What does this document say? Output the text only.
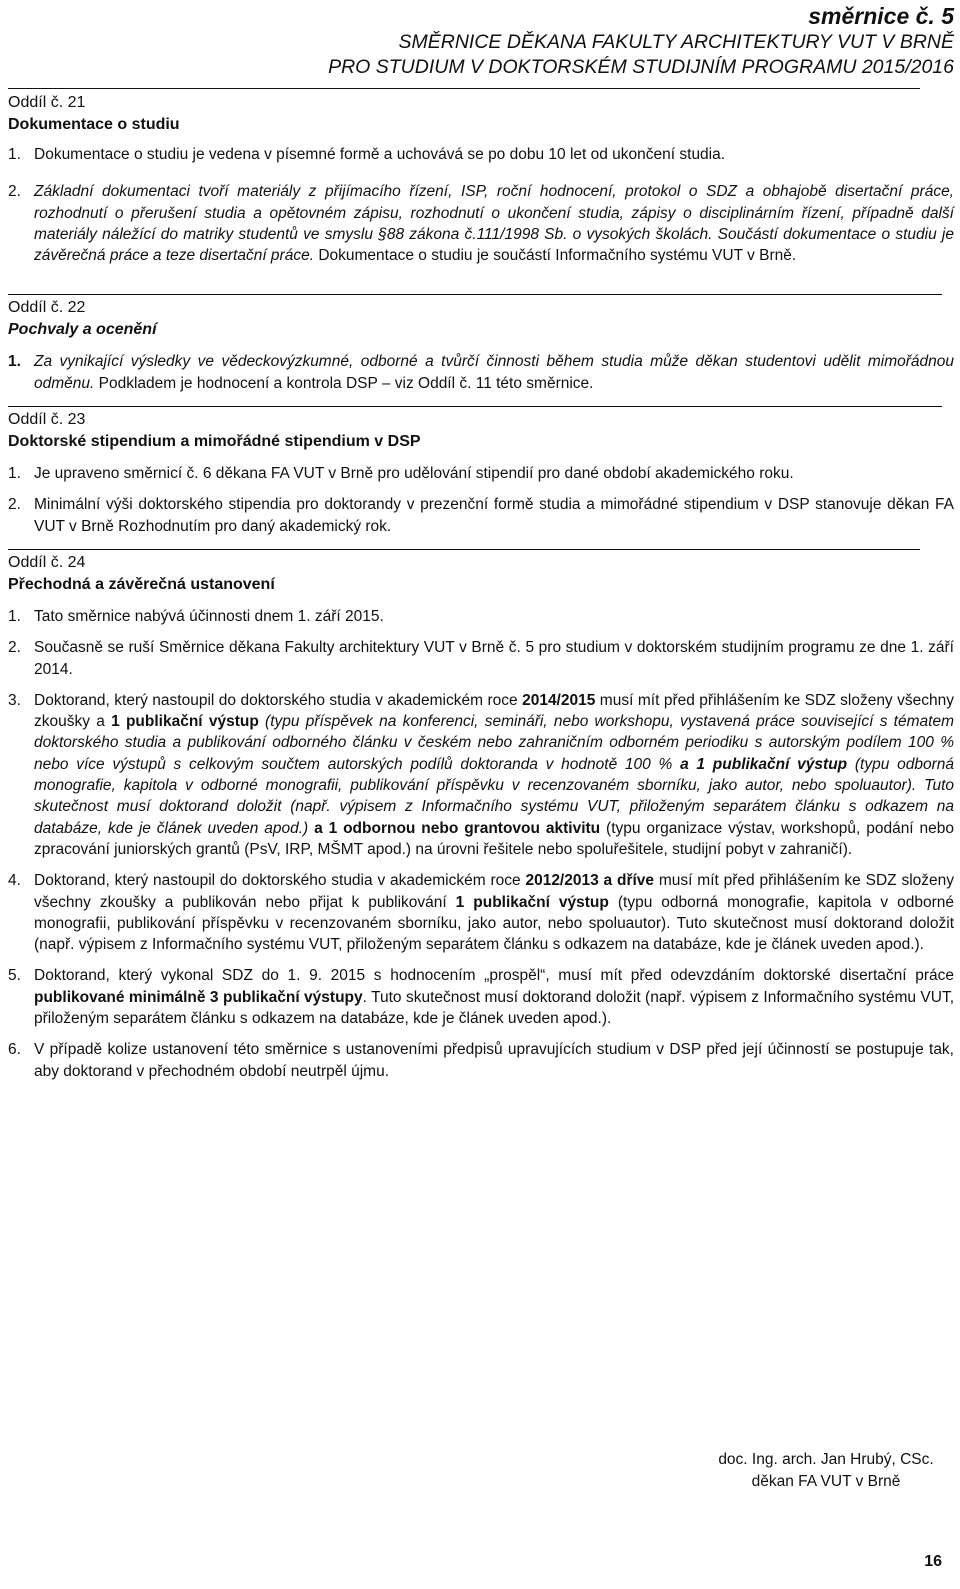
směrnice č. 5
SMĚRNICE DĚKANA FAKULTY ARCHITEKTURY VUT V BRNĚ
PRO STUDIUM V DOKTORSKÉM STUDIJNÍM PROGRAMU 2015/2016
Oddíl č. 21
Dokumentace o studiu
1. Dokumentace o studiu je vedena v písemné formě a uchovává se po dobu 10 let od ukončení studia.
2. Základní dokumentaci tvoří materiály z přijímacího řízení, ISP, roční hodnocení, protokol o SDZ a obhajobě disertační práce, rozhodnutí o přerušení studia a opětovném zápisu, rozhodnutí o ukončení studia, zápisy o disciplinárním řízení, případně další materiály náležící do matriky studentů ve smyslu §88 zákona č.111/1998 Sb. o vysokých školách. Součástí dokumentace o studiu je závěrečná práce a teze disertační práce. Dokumentace o studiu je součástí Informačního systému VUT v Brně.
Oddíl č. 22
Pochvaly a ocenění
1. Za vynikající výsledky ve vědeckovýzkumné, odborné a tvůrčí činnosti během studia může děkan studentovi udělit mimořádnou odměnu. Podkladem je hodnocení a kontrola DSP – viz Oddíl č. 11 této směrnice.
Oddíl č. 23
Doktorské stipendium a mimořádné stipendium v DSP
1. Je upraveno směrnicí č. 6 děkana FA VUT v Brně pro udělování stipendií pro dané období akademického roku.
2. Minimální výši doktorského stipendia pro doktorandy v prezenční formě studia a mimořádné stipendium v DSP stanovuje děkan FA VUT v Brně Rozhodnutím pro daný akademický rok.
Oddíl č. 24
Přechodná a závěrečná ustanovení
1. Tato směrnice nabývá účinnosti dnem 1. září 2015.
2. Současně se ruší Směrnice děkana Fakulty architektury VUT v Brně č. 5 pro studium v doktorském studijním programu ze dne 1. září 2014.
3. Doktorand, který nastoupil do doktorského studia v akademickém roce 2014/2015 musí mít před přihlášením ke SDZ složeny všechny zkoušky a 1 publikační výstup (typu příspěvek na konferenci, semináři, nebo workshopu, vystavená práce související s tématem doktorského studia a publikování odborného článku v českém nebo zahraničním odborném periodiku s autorským podílem 100 % nebo více výstupů s celkovým součtem autorských podílů doktoranda v hodnotě 100 % a 1 publikační výstup (typu odborná monografie, kapitola v odborné monografii, publikování příspěvku v recenzovaném sborníku, jako autor, nebo spoluautor). Tuto skutečnost musí doktorand doložit (např. výpisem z Informačního systému VUT, přiloženým separátem článku s odkazem na databáze, kde je článek uveden apod.) a 1 odbornou nebo grantovou aktivitu (typu organizace výstav, workshopů, podání nebo zpracování juniorských grantů (PsV, IRP, MŠMT apod.) na úrovni řešitele nebo spoluřešitele, studijní pobyt v zahraničí).
4. Doktorand, který nastoupil do doktorského studia v akademickém roce 2012/2013 a dříve musí mít před přihlášením ke SDZ složeny všechny zkoušky a publikován nebo přijat k publikování 1 publikační výstup (typu odborná monografie, kapitola v odborné monografii, publikování příspěvku v recenzovaném sborníku, jako autor, nebo spoluautor). Tuto skutečnost musí doktorand doložit (např. výpisem z Informačního systému VUT, přiloženým separátem článku s odkazem na databáze, kde je článek uveden apod.).
5. Doktorand, který vykonal SDZ do 1. 9. 2015 s hodnocením „prospěl“, musí mít před odevzdáním doktorské disertační práce publikované minimálně 3 publikační výstupy. Tuto skutečnost musí doktorand doložit (např. výpisem z Informačního systému VUT, přiloženým separátem článku s odkazem na databáze, kde je článek uveden apod.).
6. V případě kolize ustanovení této směrnice s ustanoveními předpisů upravujících studium v DSP před její účinností se postupuje tak, aby doktorand v přechodném období neutrpěl újmu.
doc. Ing. arch. Jan Hrubý, CSc.
děkan FA VUT v Brně
16
